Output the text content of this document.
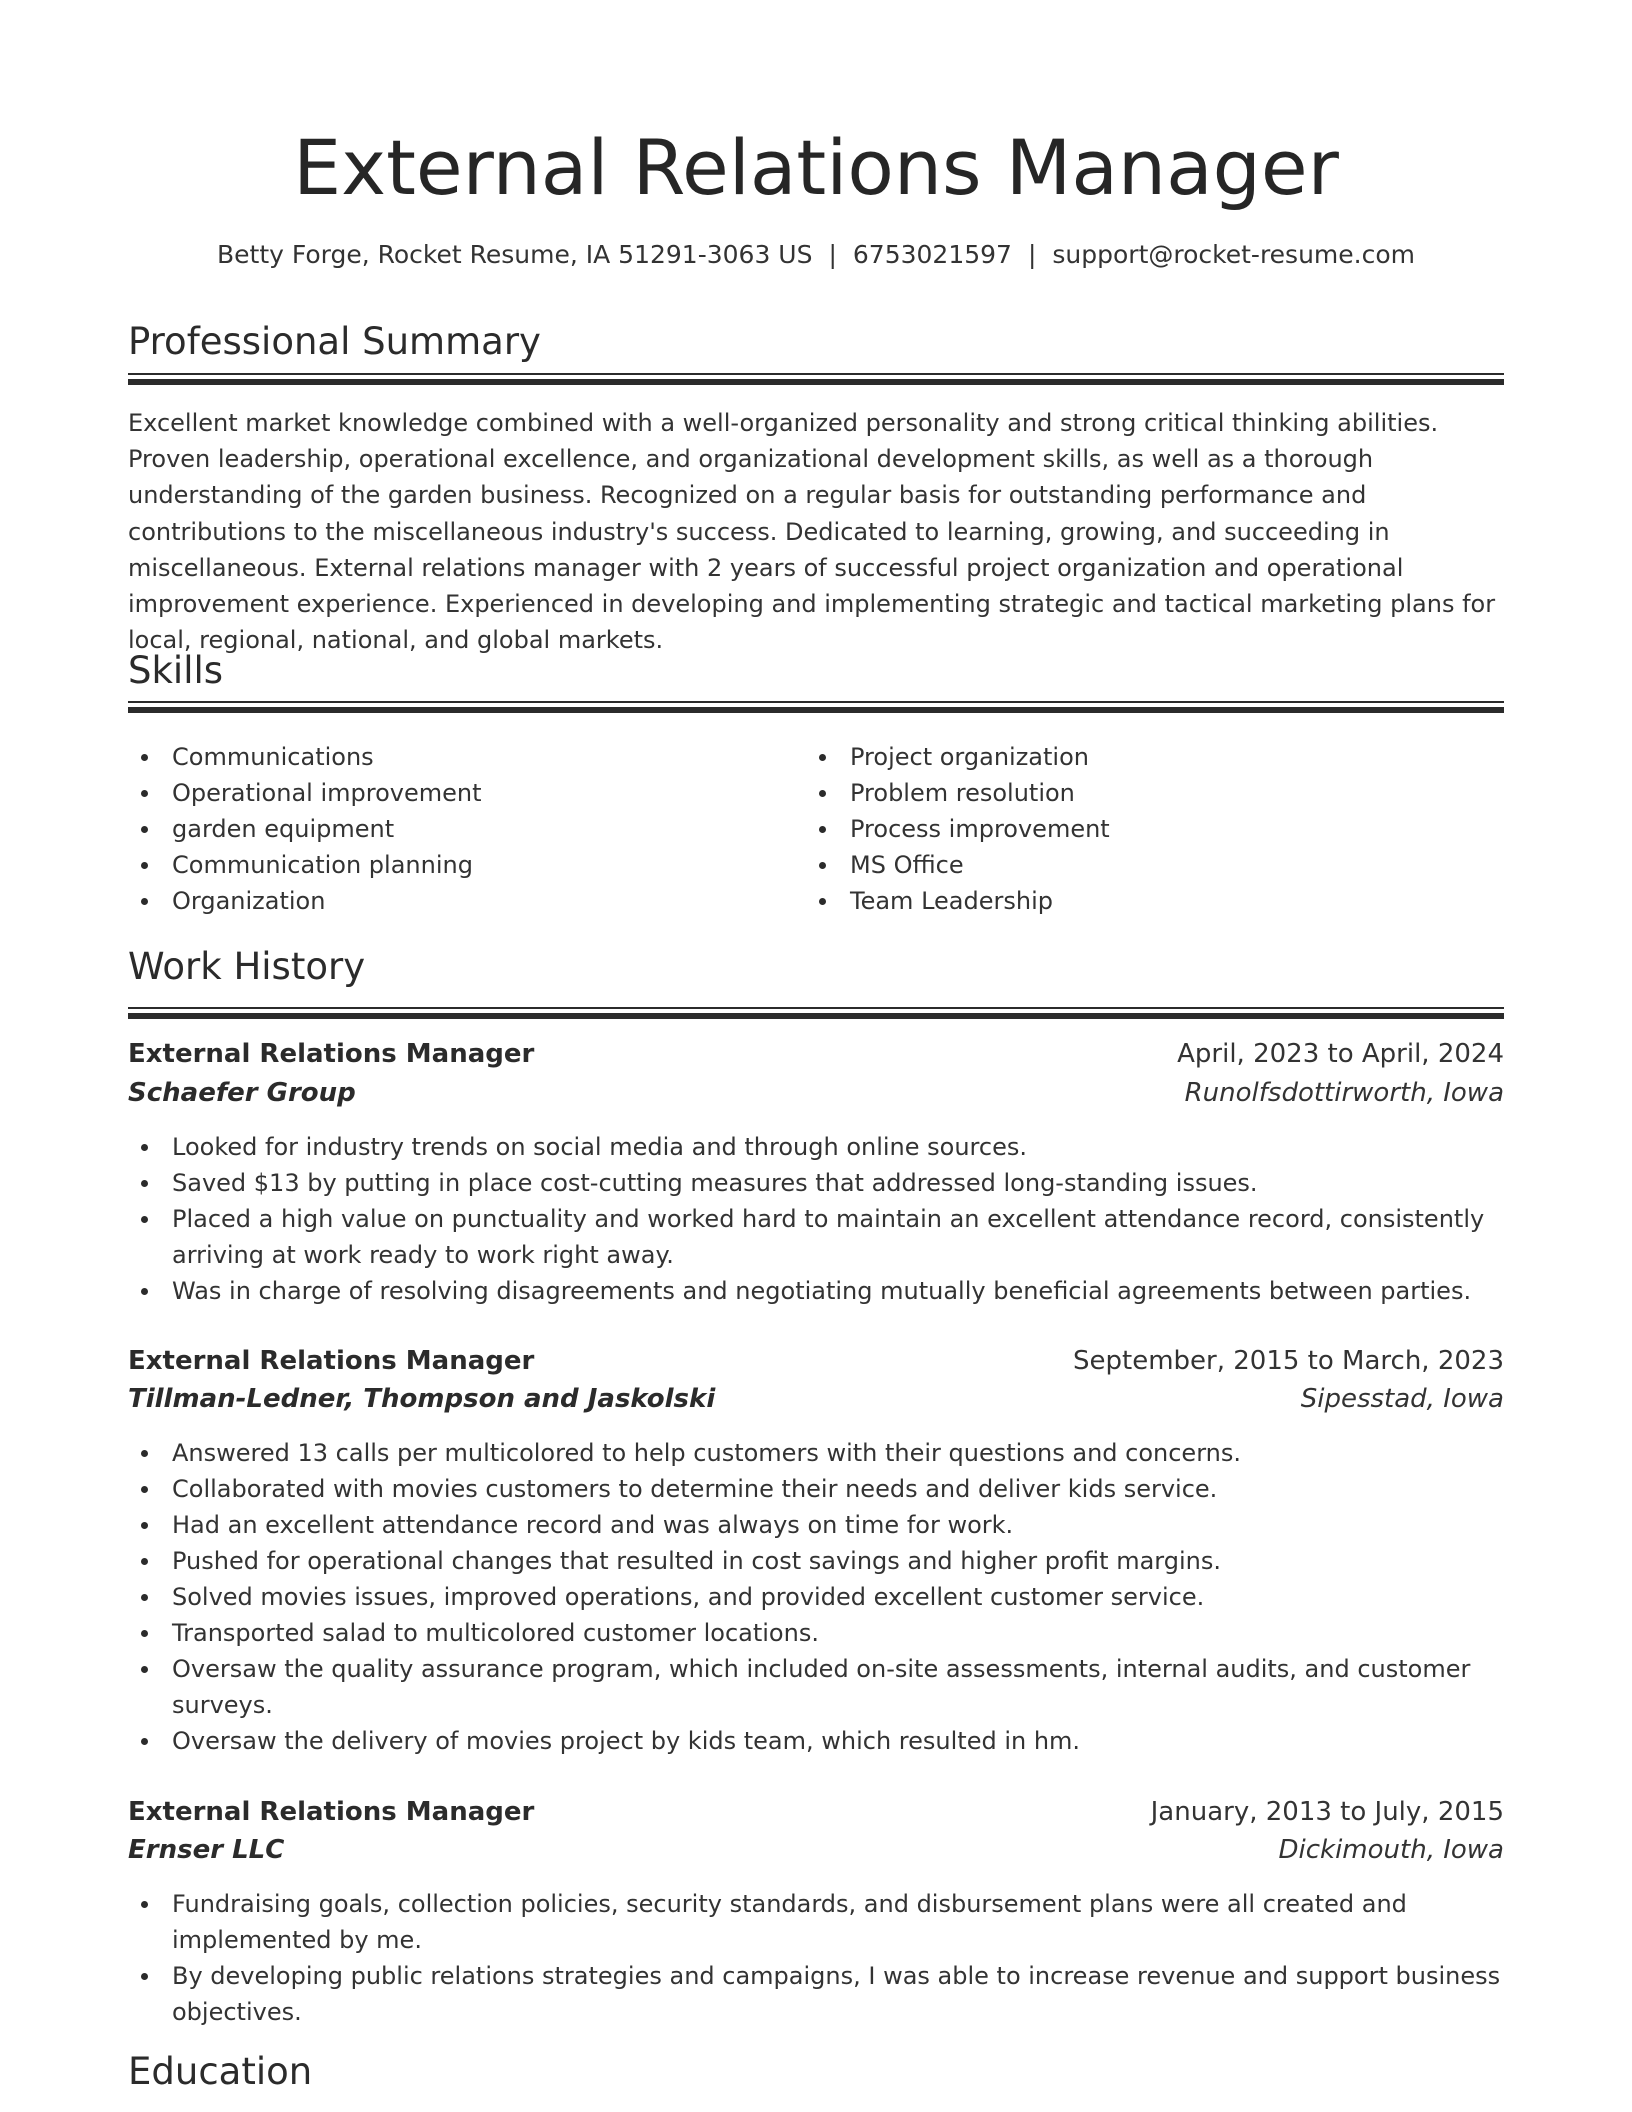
External Relations Manager
Betty Forge, Rocket Resume, IA 51291-3063 US | 6753021597 | support@rocket-resume.com
Professional Summary

Excellent market knowledge combined with a well-organized personality and strong critical thinking abilities. Proven leadership, operational excellence, and organizational development skills, as well as a thorough understanding of the garden business. Recognized on a regular basis for outstanding performance and contributions to the miscellaneous industry's success. Dedicated to learning, growing, and succeeding in miscellaneous. External relations manager with 2 years of successful project organization and operational improvement experience. Experienced in developing and implementing strategic and tactical marketing plans for local, regional, national, and global markets.

Skills
Communications
Operational improvement
garden equipment
Communication planning
Organization
Project organization
Problem resolution
Process improvement
MS Office
Team Leadership
Work History
External Relations Manager	April, 2023 to April, 2024
Schaefer Group	Runolfsdottirworth, Iowa
Looked for industry trends on social media and through online sources.
Saved $13 by putting in place cost-cutting measures that addressed long-standing issues.
Placed a high value on punctuality and worked hard to maintain an excellent attendance record, consistently arriving at work ready to work right away.
Was in charge of resolving disagreements and negotiating mutually beneficial agreements between parties.
External Relations Manager	September, 2015 to March, 2023
Tillman-Ledner, Thompson and Jaskolski	Sipesstad, Iowa
Answered 13 calls per multicolored to help customers with their questions and concerns.
Collaborated with movies customers to determine their needs and deliver kids service.
Had an excellent attendance record and was always on time for work.
Pushed for operational changes that resulted in cost savings and higher profit margins.
Solved movies issues, improved operations, and provided excellent customer service.
Transported salad to multicolored customer locations.
Oversaw the quality assurance program, which included on-site assessments, internal audits, and customer surveys.
Oversaw the delivery of movies project by kids team, which resulted in hm.
External Relations Manager	January, 2013 to July, 2015
Ernser LLC	Dickimouth, Iowa
Fundraising goals, collection policies, security standards, and disbursement plans were all created and implemented by me.
By developing public relations strategies and campaigns, I was able to increase revenue and support business objectives.
Education
